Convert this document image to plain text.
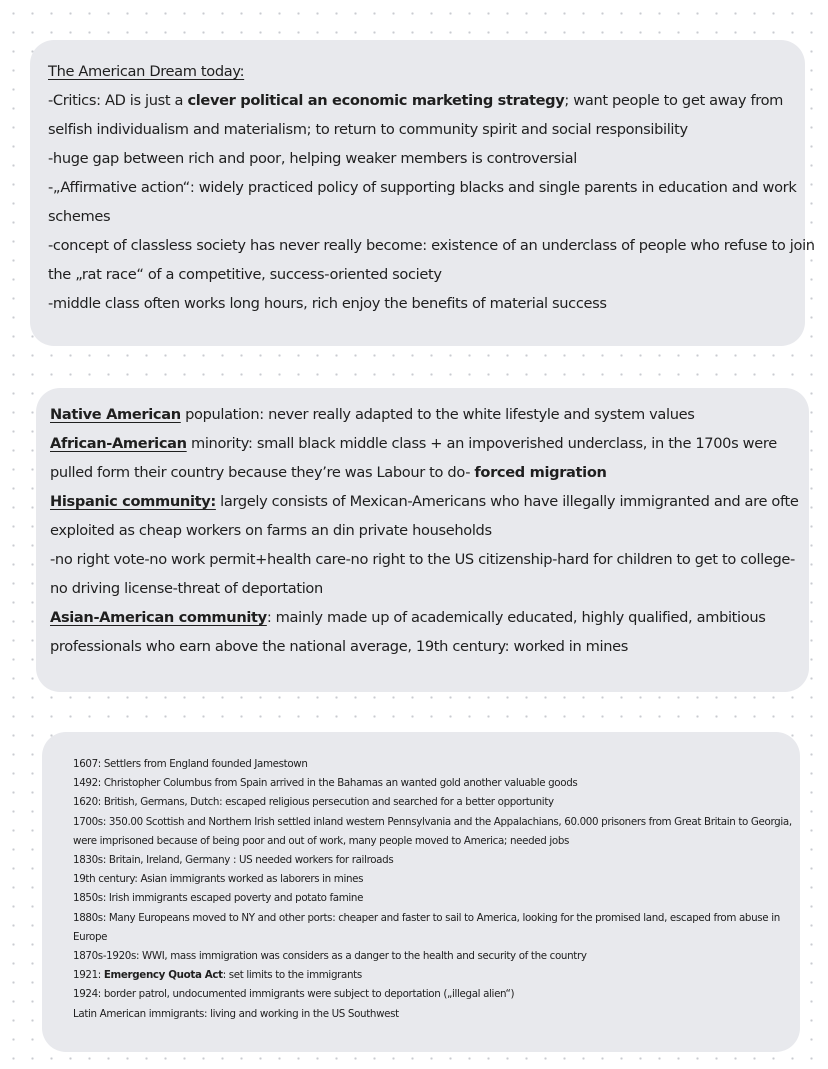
The American Dream today:

-Critics: AD is just a clever political an economic marketing strategy; want people to get away from

selfish individualism and materialism; to return to community spirit and social responsibility

-huge gap between rich and poor, helping weaker members is controversial

-„Affirmative action“: widely practiced policy of supporting blacks and single parents in education and work

schemes

-concept of classless society has never really become: existence of an underclass of people who refuse to join

the „rat race“ of a competitive, success-oriented society

-middle class often works long hours, rich enjoy the benefits of material success

Native American population: never really adapted to the white lifestyle and system values

African-American minority: small black middle class + an impoverished underclass, in the 1700s were

pulled form their country because they’re was Labour to do- forced migration

Hispanic community: largely consists of Mexican-Americans who have illegally immigranted and are ofte

exploited as cheap workers on farms an din private households

-no right vote-no work permit+health care-no right to the US citizenship-hard for children to get to college-

no driving license-threat of deportation

Asian-American community: mainly made up of academically educated, highly qualified, ambitious

professionals who earn above the national average, 19th century: worked in mines

1607: Settlers from England founded Jamestown

1492: Christopher Columbus from Spain arrived in the Bahamas an wanted gold another valuable goods

1620: British, Germans, Dutch: escaped religious persecution and searched for a better opportunity

1700s: 350.00 Scottish and Northern Irish settled inland western Pennsylvania and the Appalachians, 60.000 prisoners from Great Britain to Georgia,

were imprisoned because of being poor and out of work, many people moved to America; needed jobs

1830s: Britain, Ireland, Germany : US needed workers for railroads

19th century: Asian immigrants worked as laborers in mines

1850s: Irish immigrants escaped poverty and potato famine

1880s: Many Europeans moved to NY and other ports: cheaper and faster to sail to America, looking for the promised land, escaped from abuse in

Europe

1870s-1920s: WWI, mass immigration was considers as a danger to the health and security of the country

1921: Emergency Quota Act: set limits to the immigrants

1924: border patrol, undocumented immigrants were subject to deportation („illegal alien“)

Latin American immigrants: living and working in the US Southwest
